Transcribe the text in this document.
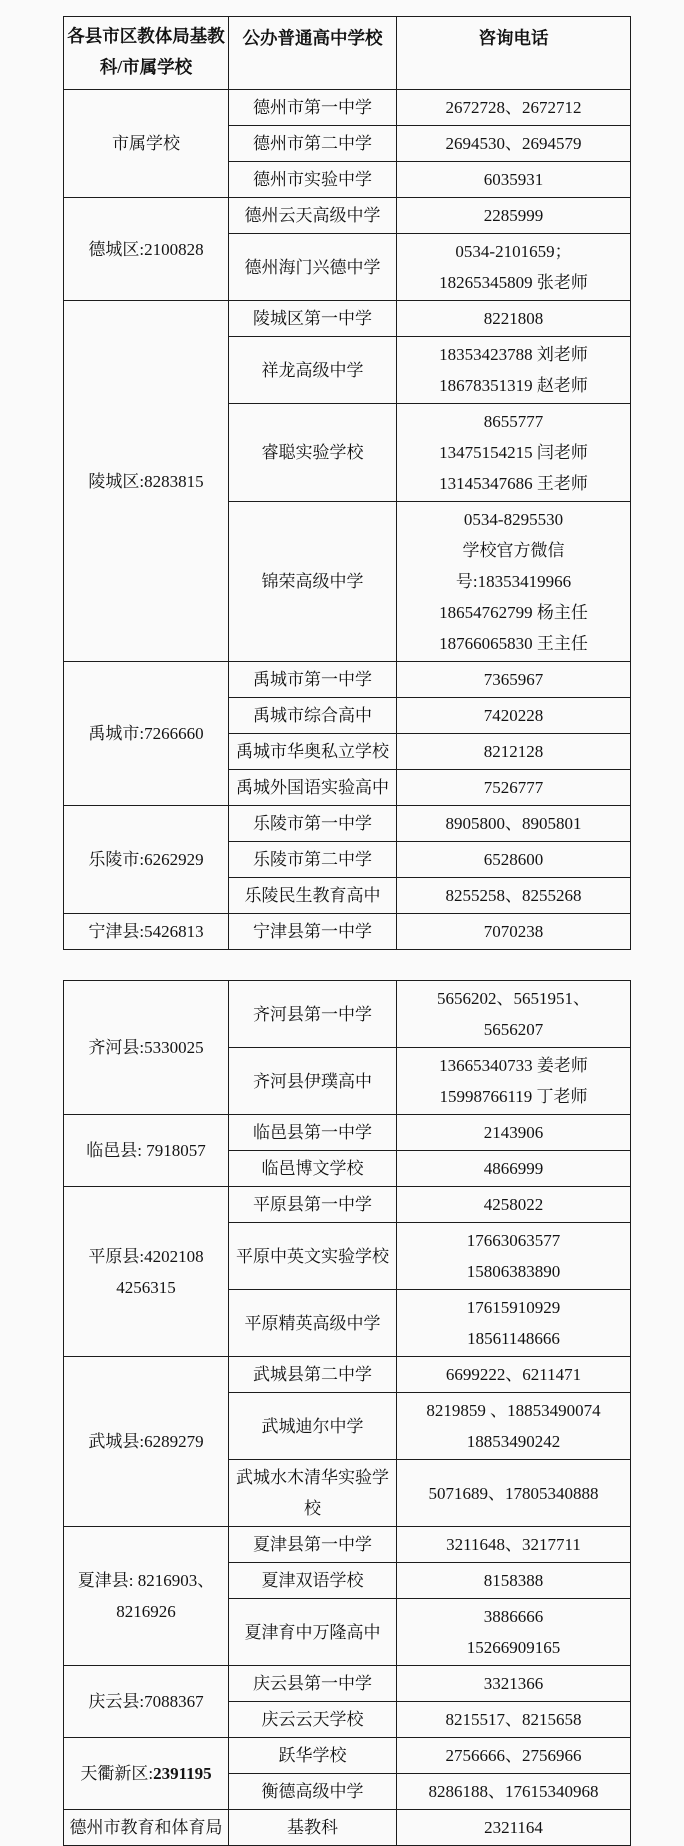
各县市区教体局基教
科/市属学校	公办普通高中学校	咨询电话

市属学校	德州市第一中学	2672728、2672712

	德州市第二中学	2694530、2694579

	德州市实验中学	6035931

德城区:2100828	德州云天高级中学	2285999

	德州海门兴德中学	0534-2101659；
18265345809 张老师

陵城区:8283815	陵城区第一中学	8221808

	祥龙高级中学	18353423788 刘老师
18678351319 赵老师

	睿聪实验学校	8655777
13475154215 闫老师
13145347686 王老师

	锦荣高级中学	0534-8295530
学校官方微信
号:18353419966
18654762799 杨主任
18766065830 王主任

禹城市:7266660	禹城市第一中学	7365967

	禹城市综合高中	7420228

	禹城市华奥私立学校	8212128

	禹城外国语实验高中	7526777

乐陵市:6262929	乐陵市第一中学	8905800、8905801

	乐陵市第二中学	6528600

	乐陵民生教育高中	8255258、8255268

宁津县:5426813	宁津县第一中学	7070238
齐河县:5330025	齐河县第一中学	5656202、5651951、
5656207

	齐河县伊璞高中	13665340733 姜老师
15998766119 丁老师

临邑县: 7918057	临邑县第一中学	2143906

	临邑博文学校	4866999

平原县:4202108
4256315	平原县第一中学	4258022

	平原中英文实验学校	17663063577
15806383890

	平原精英高级中学	17615910929
18561148666

武城县:6289279	武城县第二中学	6699222、6211471

	武城迪尔中学	8219859 、18853490074
18853490242

	武城水木清华实验学校	5071689、17805340888

夏津县: 8216903、
8216926	夏津县第一中学	3211648、3217711

	夏津双语学校	8158388

	夏津育中万隆高中	3886666
15266909165

庆云县:7088367	庆云县第一中学	3321366

	庆云云天学校	8215517、8215658

天衢新区:2391195	跃华学校	2756666、2756966

	衡德高级中学	8286188、17615340968

德州市教育和体育局	基教科	2321164
